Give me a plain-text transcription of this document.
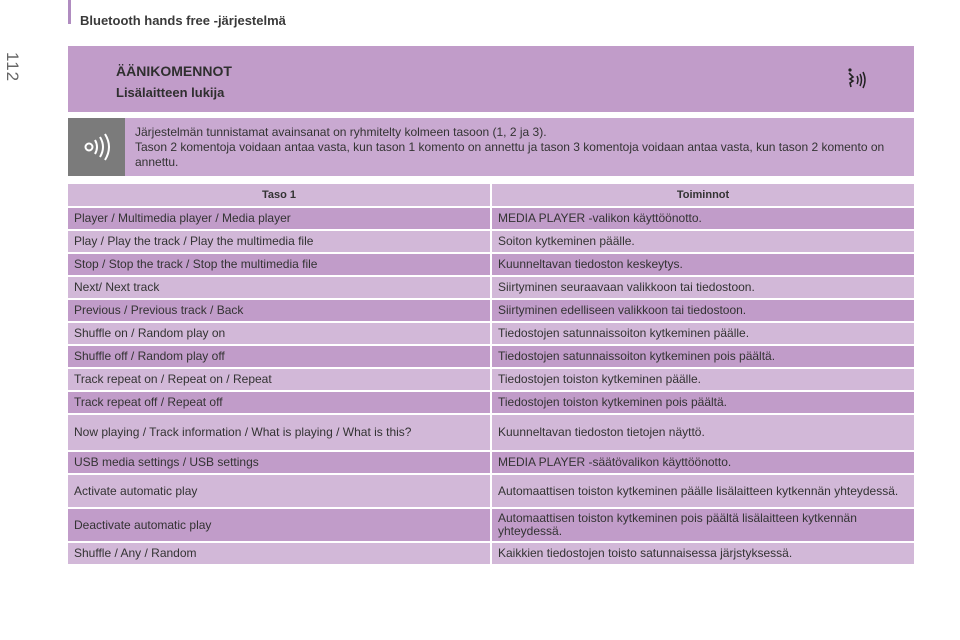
Bluetooth hands free -järjestelmä
112	ÄÄNIKOMENNOT
Lisälaitteen lukija

Järjestelmän tunnistamat avainsanat on ryhmitelty kolmeen tasoon (1, 2 ja 3).

Tason 2 komentoja voidaan antaa vasta, kun tason 1 komento on annettu ja tason 3 komentoja voidaan antaa vasta, kun tason 2 komento on annettu.

Taso 1	Toiminnot
Player / Multimedia player / Media player	MEDIA PLAYER -valikon käyttöönotto.
Play / Play the track / Play the multimedia file	Soiton kytkeminen päälle.
Stop / Stop the track / Stop the multimedia file	Kuunneltavan tiedoston keskeytys.
Next/ Next track	Siirtyminen seuraavaan valikkoon tai tiedostoon.
Previous / Previous track / Back	Siirtyminen edelliseen valikkoon tai tiedostoon.
Shuffle on / Random play on	Tiedostojen satunnaissoiton kytkeminen päälle.
Shuffle off / Random play off	Tiedostojen satunnaissoiton kytkeminen pois päältä.
Track repeat on / Repeat on / Repeat	Tiedostojen toiston kytkeminen päälle.
Track repeat off / Repeat off	Tiedostojen toiston kytkeminen pois päältä.
Now playing / Track information / What is playing / What is this?	Kuunneltavan tiedoston tietojen näyttö.
USB media settings / USB settings	MEDIA PLAYER -säätövalikon käyttöönotto.
Activate automatic play	Automaattisen toiston kytkeminen päälle lisälaitteen kytkennän yhteydessä.
Deactivate automatic play	Automaattisen toiston kytkeminen pois päältä lisälaitteen kytkennän yhteydessä.
Shuffle / Any / Random	Kaikkien tiedostojen toisto satunnaisessa järjstyksessä.
